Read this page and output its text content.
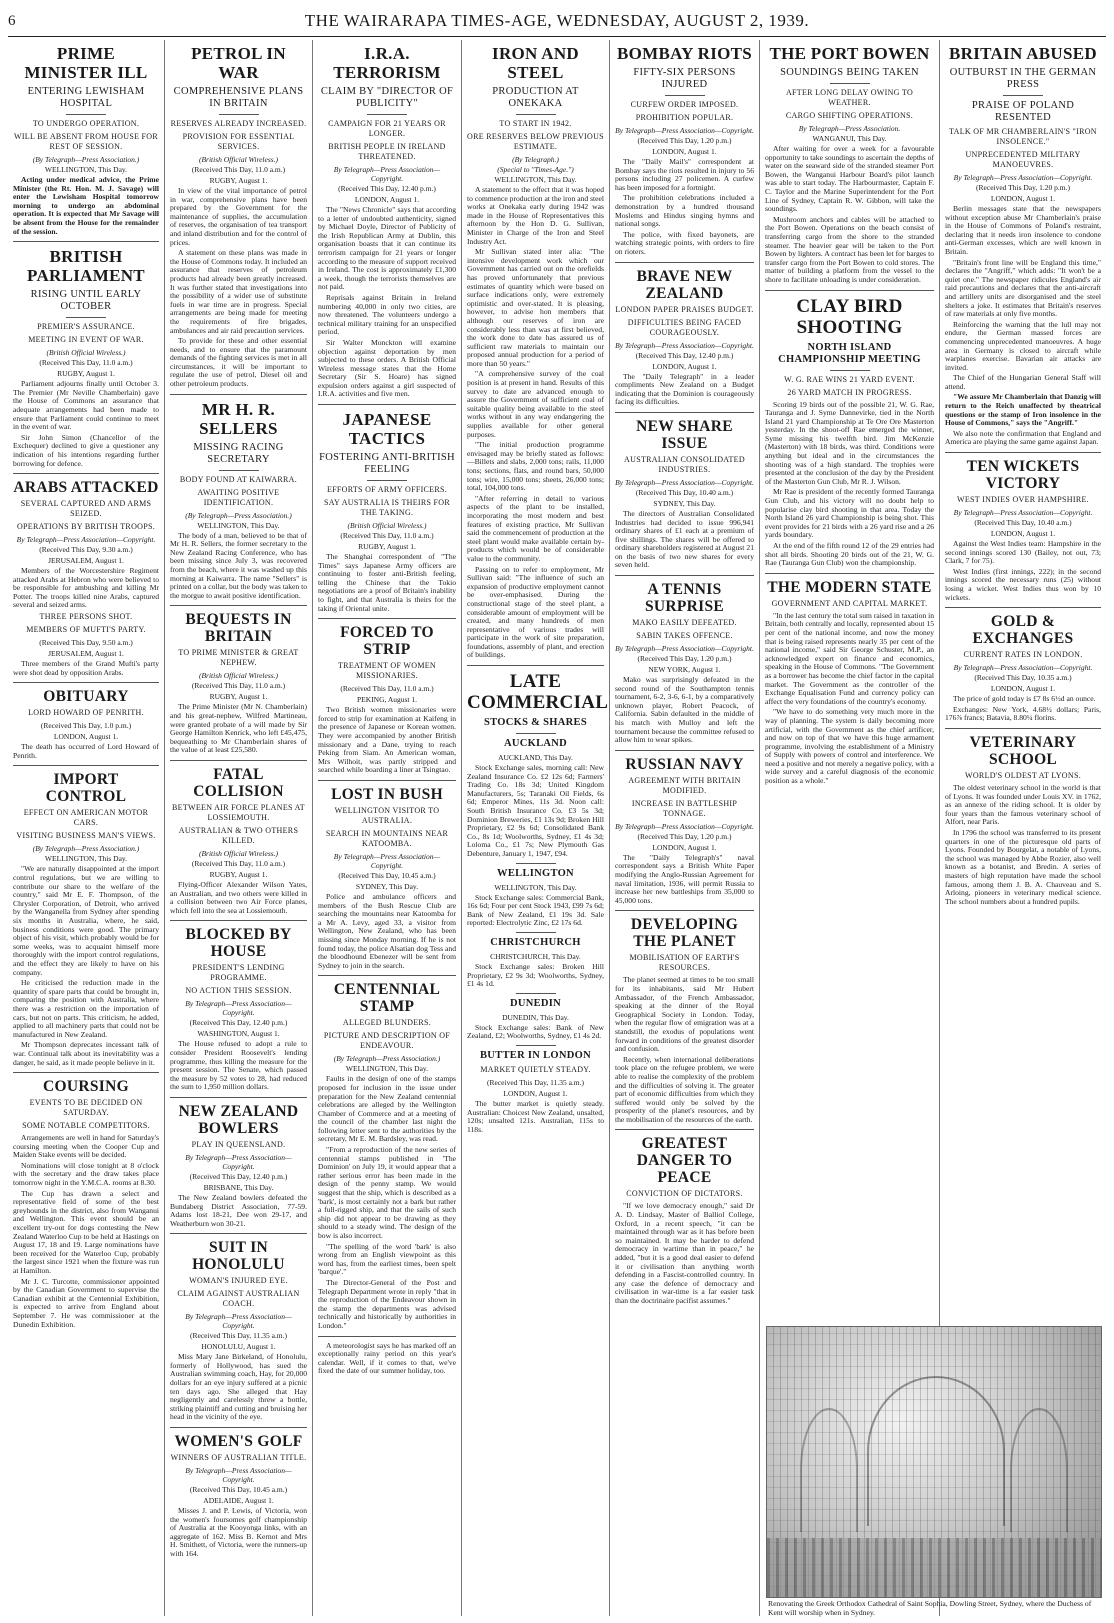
6	THE WAIRARAPA TIMES-AGE, WEDNESDAY, AUGUST 2, 1939.
PRIME MINISTER ILL
ENTERING LEWISHAM HOSPITAL
TO UNDERGO OPERATION.
WILL BE ABSENT FROM HOUSE FOR REST OF SESSION.
(By Telegraph—Press Association.)
WELLINGTON, This Day.

Acting under medical advice, the Prime Minister (the Rt. Hon. M. J. Savage) will enter the Lewisham Hospital tomorrow morning to undergo an abdominal operation. It is expected that Mr Savage will be absent from the House for the remainder of the session.

BRITISH PARLIAMENT
RISING UNTIL EARLY OCTOBER
PREMIER'S ASSURANCE.
MEETING IN EVENT OF WAR.
(British Official Wireless.)
(Received This Day, 11.0 a.m.)
RUGBY, August 1.

Parliament adjourns finally until October 3. The Premier (Mr Neville Chamberlain) gave the House of Commons an assurance that adequate arrangements had been made to ensure that Parliament could continue to meet in the event of war.

Sir John Simon (Chancellor of the Exchequer) declined to give a questioner any indication of his intentions regarding further borrowing for defence.

ARABS ATTACKED
SEVERAL CAPTURED AND ARMS SEIZED.
OPERATIONS BY BRITISH TROOPS.
By Telegraph—Press Association—Copyright.
(Received This Day, 9.30 a.m.)
JERUSALEM, August 1.

Members of the Worcestershire Regiment attacked Arabs at Hebron who were believed to be responsible for ambushing and killing Mr Potter. The troops killed nine Arabs, captured several and seized arms.

THREE PERSONS SHOT.
MEMBERS OF MUFTI'S PARTY.
(Received This Day, 9.50 a.m.)
JERUSALEM, August 1.

Three members of the Grand Mufti's party were shot dead by opposition Arabs.

OBITUARY
LORD HOWARD OF PENRITH.
(Received This Day, 1.0 p.m.)
LONDON, August 1.

The death has occurred of Lord Howard of Penrith.

IMPORT CONTROL
EFFECT ON AMERICAN MOTOR CARS.
VISITING BUSINESS MAN'S VIEWS.
(By Telegraph—Press Association.)
WELLINGTON, This Day.

"We are naturally disappointed at the import control regulations, but we are willing to contribute our share to the welfare of the country," said Mr E. F. Thompson, of the Chrysler Corporation, of Detroit, who arrived by the Wanganella from Sydney after spending six months in Australia, where, he said, business conditions were good. The primary object of his visit, which probably would be for some weeks, was to acquaint himself more thoroughly with the import control regulations, and the effect they are likely to have on his company.

He criticised the reduction made in the quantity of spare parts that could be brought in, comparing the position with Australia, where there was a restriction on the importation of cars, but not on parts. This criticism, he added, applied to all machinery parts that could not be manufactured in New Zealand.

Mr Thompson deprecates incessant talk of war. Continual talk about its inevitability was a danger, he said, as it made people believe in it.

COURSING
EVENTS TO BE DECIDED ON SATURDAY.
SOME NOTABLE COMPETITORS.

Arrangements are well in hand for Saturday's coursing meeting when the Cooper Cup and Maiden Stake events will be decided.

Nominations will close tonight at 8 o'clock with the secretary and the draw takes place tomorrow night in the Y.M.C.A. rooms at 8.30.

The Cup has drawn a select and representative field of some of the best greyhounds in the district, also from Wanganui and Wellington. This event should be an excellent try-out for dogs contesting the New Zealand Waterloo Cup to be held at Hastings on August 17, 18 and 19. Large nominations have been received for the Waterloo Cup, probably the largest since 1921 when the fixture was run at Hamilton.

Mr J. C. Turcotte, commissioner appointed by the Canadian Government to supervise the Canadian exhibit at the Centennial Exhibition, is expected to arrive from England about September 7. He was commissioner at the Dunedin Exhibition.

PETROL IN WAR
COMPREHENSIVE PLANS IN BRITAIN
RESERVES ALREADY INCREASED.
PROVISION FOR ESSENTIAL SERVICES.
(British Official Wireless.)
(Received This Day, 11.0 a.m.)
RUGBY, August 1.

In view of the vital importance of petrol in war, comprehensive plans have been prepared by the Government for the maintenance of supplies, the accumulation of reserves, the organisation of tea transport and inland distribution and for the control of prices.

A statement on these plans was made in the House of Commons today. It included an assurance that reserves of petroleum products had already been greatly increased. It was further stated that investigations into the possibility of a wider use of substitute fuels in war time are in progress. Special arrangements are being made for meeting the requirements of fire brigades, ambulances and air raid precaution services.

To provide for these and other essential needs, and to ensure that the paramount demands of the fighting services is met in all circumstances, it will be important to regulate the use of petrol, Diesel oil and other petroleum products.

MR H. R. SELLERS
MISSING RACING SECRETARY
BODY FOUND AT KAIWARRA.
AWAITING POSITIVE IDENTIFICATION.
(By Telegraph—Press Association.)
WELLINGTON, This Day.

The body of a man, believed to be that of Mr H. R. Sellers, the former secretary to the New Zealand Racing Conference, who has been missing since July 3, was recovered from the beach, where it was washed up this morning at Kaiwarra. The name "Sellers" is printed on a collar, but the body was taken to the morgue to await positive identification.

BEQUESTS IN BRITAIN
TO PRIME MINISTER & GREAT NEPHEW.
(British Official Wireless.)
(Received This Day, 11.0 a.m.)
RUGBY, August 1.

The Prime Minister (Mr N. Chamberlain) and his great-nephew, Wilfred Martineau, were granted probate of a will made by Sir George Hamilton Kenrick, who left £45,475, bequeathing to Mr Chamberlain shares of the value of at least £25,580.

FATAL COLLISION
BETWEEN AIR FORCE PLANES AT LOSSIEMOUTH.
AUSTRALIAN & TWO OTHERS KILLED.
(British Official Wireless.)
(Received This Day, 11.0 a.m.)
RUGBY, August 1.

Flying-Officer Alexander Wilson Yates, an Australian, and two others were killed in a collision between two Air Force planes, which fell into the sea at Lossiemouth.

BLOCKED BY HOUSE
PRESIDENT'S LENDING PROGRAMME.
NO ACTION THIS SESSION.
By Telegraph—Press Association—Copyright.
(Received This Day, 12.40 p.m.)
WASHINGTON, August 1.

The House refused to adopt a rule to consider President Roosevelt's lending programme, thus killing the measure for the present session. The Senate, which passed the measure by 52 votes to 28, had reduced the sum to 1,950 million dollars.

NEW ZEALAND BOWLERS
PLAY IN QUEENSLAND.
By Telegraph—Press Association—Copyright.
(Received This Day, 12.40 p.m.)
BRISBANE, This Day.

The New Zealand bowlers defeated the Bundaberg District Association, 77-59. Adams lost 18-21, Dee won 29-17, and Weatherburn won 30-21.

SUIT IN HONOLULU
WOMAN'S INJURED EYE.
CLAIM AGAINST AUSTRALIAN COACH.
By Telegraph—Press Association—Copyright.
(Received This Day, 11.35 a.m.)
HONOLULU, August 1.

Miss Mary Jane Birkeland, of Honolulu, formerly of Hollywood, has sued the Australian swimming coach, Hay, for 20,000 dollars for an eye injury suffered at a picnic ten days ago. She alleged that Hay negligently and carelessly threw a bottle, striking plaintiff and cutting and bruising her head in the vicinity of the eye.

WOMEN'S GOLF
WINNERS OF AUSTRALIAN TITLE.
By Telegraph—Press Association—Copyright.
(Received This Day, 10.45 a.m.)
ADELAIDE, August 1.

Misses J. and P. Lewis, of Victoria, won the women's foursomes golf championship of Australia at the Kooyonga links, with an aggregate of 162. Miss B. Kernot and Mrs H. Smithett, of Victoria, were the runners-up with 164.

I.R.A. TERRORISM
CLAIM BY "DIRECTOR OF PUBLICITY"
CAMPAIGN FOR 21 YEARS OR LONGER.
BRITISH PEOPLE IN IRELAND THREATENED.
By Telegraph—Press Association—Copyright.
(Received This Day, 12.40 p.m.)
LONDON, August 1.

The "News Chronicle" says that according to a letter of undoubted authenticity, signed by Michael Doyle, Director of Publicity of the Irish Republican Army at Dublin, this organisation boasts that it can continue its terrorism campaign for 21 years or longer according to the measure of support received in Ireland. The cost is approximately £1,300 a week, though the terrorists themselves are not paid.

Reprisals against Britain in Ireland numbering 40,000 in only two cities, are now threatened. The volunteers undergo a technical military training for an unspecified period.

Sir Walter Monckton will examine objection against deportation by men subjected to these orders. A British Official Wireless message states that the Home Secretary (Sir S. Hoare) has signed expulsion orders against a girl suspected of I.R.A. activities and five men.

JAPANESE TACTICS
FOSTERING ANTI-BRITISH FEELING
EFFORTS OF ARMY OFFICERS.
SAY AUSTRALIA IS THEIRS FOR THE TAKING.
(British Official Wireless.)
(Received This Day, 11.0 a.m.)
RUGBY, August 1.

The Shanghai correspondent of "The Times" says Japanese Army officers are continuing to foster anti-British feeling, telling the Chinese that the Tokio negotiations are a proof of Britain's inability to fight, and that Australia is theirs for the taking if Oriental unite.

FORCED TO STRIP
TREATMENT OF WOMEN MISSIONARIES.
(Received This Day, 11.0 a.m.)
PEKING, August 1.

Two British women missionaries were forced to strip for examination at Kaifeng in the presence of Japanese or Korean women. They were accompanied by another British missionary and a Dane, trying to reach Peking from Siam. An American woman, Mrs Wilhoit, was partly stripped and searched while boarding a liner at Tsingtao.

LOST IN BUSH
WELLINGTON VISITOR TO AUSTRALIA.
SEARCH IN MOUNTAINS NEAR KATOOMBA.
By Telegraph—Press Association—Copyright.
(Received This Day, 10.45 a.m.)
SYDNEY, This Day.

Police and ambulance officers and members of the Bush Rescue Club are searching the mountains near Katoomba for a Mr A. Levy, aged 33, a visitor from Wellington, New Zealand, who has been missing since Monday morning. If he is not found today, the police Alsatian dog Tess and the bloodhound Ebenezer will be sent from Sydney to join in the search.

CENTENNIAL STAMP
ALLEGED BLUNDERS.
PICTURE AND DESCRIPTION OF ENDEAVOUR.
(By Telegraph—Press Association.)
WELLINGTON, This Day.

Faults in the design of one of the stamps proposed for inclusion in the issue under preparation for the New Zealand centennial celebrations are alleged by the Wellington Chamber of Commerce and at a meeting of the council of the chamber last night the following letter sent to the authorities by the secretary, Mr E. M. Bardsley, was read.

"From a reproduction of the new series of centennial stamps published in 'The Dominion' on July 19, it would appear that a rather serious error has been made in the design of the penny stamp. We would suggest that the ship, which is described as a 'bark', is most certainly not a bark but rather a full-rigged ship, and that the sails of such ship did not appear to be drawing as they should to a steady wind. The design of the bow is also incorrect.

"The spelling of the word 'bark' is also wrong from an English viewpoint as this word has, from the earliest times, been spelt 'barque'."

The Director-General of the Post and Telegraph Department wrote in reply "that in the reproduction of the Endeavour shown in the stamp the departments was advised technically and historically by authorities in London."

A meteorologist says he has marked off an exceptionally rainy period on this year's calendar. Well, if it comes to that, we've fixed the date of our summer holiday, too.

IRON AND STEEL
PRODUCTION AT ONEKAKA
TO START IN 1942.
ORE RESERVES BELOW PREVIOUS ESTIMATE.
(By Telegraph.)
(Special to "Times-Age.")
WELLINGTON, This Day.

A statement to the effect that it was hoped to commence production at the iron and steel works at Onekaka early during 1942 was made in the House of Representatives this afternoon by the Hon D. G. Sullivan, Minister in Charge of the Iron and Steel Industry Act.

Mr Sullivan stated inter alia: "The intensive development work which our Government has carried out on the orefields has proved unfortunately that previous estimates of quantity which were based on surface indications only, were extremely optimistic and over-stated. It is pleasing, however, to advise hon members that although our reserves of iron are considerably less than was at first believed, the work done to date has assured us of sufficient raw materials to maintain our proposed annual production for a period of more than 50 years."

"A comprehensive survey of the coal position is at present in hand. Results of this survey to date are advanced enough to assure the Government of sufficient coal of suitable quality being available to the steel works without in any way endangering the supplies available for other general purposes.

"The initial production programme envisaged may be briefly stated as follows:—Billets and slabs, 2,000 tons; rails, 11,000 tons; sections, flats, and round bars, 50,000 tons; wire, 15,000 tons; sheets, 26,000 tons; total, 104,000 tons.

"After referring in detail to various aspects of the plant to be installed, incorporating the most modern and best features of existing practice, Mr Sullivan said the commencement of production at the steel plant would make available certain by-products which would be of considerable value to the community.

Passing on to refer to employment, Mr Sullivan said: "The influence of such an expansion of productive employment cannot be over-emphasised. During the constructional stage of the steel plant, a considerable amount of employment will be created, and many hundreds of men representative of various trades will participate in the work of site preparation, foundations, assembly of plant, and erection of buildings.

LATE COMMERCIAL
STOCKS & SHARES
AUCKLAND
AUCKLAND, This Day.

Stock Exchange sales, morning call: New Zealand Insurance Co. £2 12s 6d; Farmers' Trading Co. 18s 3d; United Kingdom Manufacturers, 5s; Taranaki Oil Fields, 6s 6d; Emperor Mines, 11s 3d. Noon call: South British Insurance Co. £3 5s 3d; Dominion Breweries, £1 13s 9d; Broken Hill Proprietary, £2 9s 6d; Consolidated Bank Co., 8s 1d; Woolworths, Sydney, £1 4s 3d; Loloma Co., £1 7s; New Plymouth Gas Debenture, January 1, 1947, £94.

WELLINGTON
WELLINGTON, This Day.

Stock Exchange sales: Commercial Bank, 16s 6d; Four per cent Stock 1943, £99 7s 6d; Bank of New Zealand, £1 19s 3d. Sale reported: Electrolytic Zinc, £2 17s 6d.

CHRISTCHURCH
CHRISTCHURCH, This Day.

Stock Exchange sales: Broken Hill Proprietary, £2 9s 3d; Woolworths, Sydney, £1 4s 1d.

DUNEDIN
DUNEDIN, This Day.

Stock Exchange sales: Bank of New Zealand, £2; Woolworths, Sydney, £1 4s 2d.

BUTTER IN LONDON
MARKET QUIETLY STEADY.
(Received This Day, 11.35 a.m.)
LONDON, August 1.

The butter market is quietly steady. Australian: Choicest New Zealand, unsalted, 120s; unsalted 121s. Australian, 115s to 118s.

BOMBAY RIOTS
FIFTY-SIX PERSONS INJURED
CURFEW ORDER IMPOSED.
PROHIBITION POPULAR.
By Telegraph—Press Association—Copyright.
(Received This Day, 1.20 p.m.)
LONDON, August 1.

The "Daily Mail's" correspondent at Bombay says the riots resulted in injury to 56 persons including 27 policemen. A curfew has been imposed for a fortnight.

The prohibition celebrations included a demonstration by a hundred thousand Moslems and Hindus singing hymns and national songs.

The police, with fixed bayonets, are watching strategic points, with orders to fire on rioters.

BRAVE NEW ZEALAND
LONDON PAPER PRAISES BUDGET.
DIFFICULTIES BEING FACED COURAGEOUSLY.
By Telegraph—Press Association—Copyright.
(Received This Day, 12.40 p.m.)
LONDON, August 1.

The "Daily Telegraph" in a leader compliments New Zealand on a Budget indicating that the Dominion is courageously facing its difficulties.

NEW SHARE ISSUE
AUSTRALIAN CONSOLIDATED INDUSTRIES.
By Telegraph—Press Association—Copyright.
(Received This Day, 10.40 a.m.)
SYDNEY, This Day.

The directors of Australian Consolidated Industries had decided to issue 996,941 ordinary shares of £1 each at a premium of five shillings. The shares will be offered to ordinary shareholders registered at August 21 on the basis of two new shares for every seven held.

A TENNIS SURPRISE
MAKO EASILY DEFEATED.
SABIN TAKES OFFENCE.
By Telegraph—Press Association—Copyright.
(Received This Day, 1.20 p.m.)
NEW YORK, August 1.

Mako was surprisingly defeated in the second round of the Southampton tennis tournament, 6-2, 3-6, 6-1, by a comparatively unknown player, Robert Peacock, of California. Sabin defaulted in the middle of his match with Mulloy and left the tournament because the committee refused to allow him to wear spikes.

RUSSIAN NAVY
AGREEMENT WITH BRITAIN MODIFIED.
INCREASE IN BATTLESHIP TONNAGE.
By Telegraph—Press Association—Copyright.
(Received This Day, 1.20 p.m.)
LONDON, August 1.

The "Daily Telegraph's" naval correspondent says a British White Paper modifying the Anglo-Russian Agreement for naval limitation, 1936, will permit Russia to increase her new battleships from 35,000 to 45,000 tons.

DEVELOPING THE PLANET
MOBILISATION OF EARTH'S RESOURCES.

The planet seemed at times to be too small for its inhabitants, said Mr Hubert Ambassador, of the French Ambassador, speaking at the dinner of the Royal Geographical Society in London. Today, when the regular flow of emigration was at a standstill, the exodus of populations went forward in conditions of the greatest disorder and confusion.

Recently, when international deliberations took place on the refugee problem, we were able to realise the complexity of the problem and the difficulties of solving it. The greater part of economic difficulties from which they suffered would only be solved by the prosperity of the planet's resources, and by the mobilisation of the resources of the earth.

GREATEST DANGER TO PEACE
CONVICTION OF DICTATORS.

"If we love democracy enough," said Dr A. D. Lindsay, Master of Balliol College, Oxford, in a recent speech, "it can be maintained through war as it has before been so maintained. It may be harder to defend democracy in wartime than in peace," he added, "but it is a good deal easier to defend it or civilisation than anything worth defending in a Fascist-controlled country. In any case the defence of democracy and civilisation in war-time is a far easier task than the doctrinaire pacifist assumes."

THE PORT BOWEN
SOUNDINGS BEING TAKEN
AFTER LONG DELAY OWING TO WEATHER.
CARGO SHIFTING OPERATIONS.
By Telegraph—Press Association.
WANGANUI, This Day.

After waiting for over a week for a favourable opportunity to take soundings to ascertain the depths of water on the seaward side of the stranded steamer Port Bowen, the Wanganui Harbour Board's pilot launch was able to start today. The Harbourmaster, Captain F. C. Taylor and the Marine Superintendent for the Port Line of Sydney, Captain R. W. Gibbon, will take the soundings.

Mushroom anchors and cables will be attached to the Port Bowen. Operations on the beach consist of transferring cargo from the shore to the stranded steamer. The heavier gear will be taken to the Port Bowen by lighters. A contract has been let for barges to transfer cargo from the Port Bowen to cold stores. The matter of building a platform from the vessel to the shore to facilitate unloading is under consideration.

CLAY BIRD SHOOTING
NORTH ISLAND CHAMPIONSHIP MEETING
W. G. RAE WINS 21 YARD EVENT.
26 YARD MATCH IN PROGRESS.

Scoring 19 birds out of the possible 21, W. G. Rae, Tauranga and J. Syme Dannevirke, tied in the North Island 21 yard Championship at Te Ore Ore Masterton yesterday. In the shoot-off Rae emerged the winner, Syme missing his twelfth bird. Jim McKenzie (Masterton) with 18 birds, was third. Conditions were anything but ideal and in the circumstances the shooting was of a high standard. The trophies were presented at the conclusion of the day by the President of the Masterton Gun Club, Mr R. J. Wilson.

Mr Rae is president of the recently formed Tauranga Gun Club, and his victory will no doubt help to popularise clay bird shooting in that area. Today the North Island 26 yard Championship is being shot. This event provides for 21 birds with a 26 yard rise and a 26 yards boundary.

At the end of the fifth round 12 of the 29 entries had shot all birds. Shooting 20 birds out of the 21, W. G. Rae (Tauranga Gun Club) won the championship.

THE MODERN STATE
GOVERNMENT AND CAPITAL MARKET.

"In the last century the total sum raised in taxation in Britain, both centrally and locally, represented about 15 per cent of the national income, and now the money that is being raised represents nearly 35 per cent of the national income," said Sir George Schuster, M.P., an acknowledged expert on finance and economics, speaking in the House of Commons. "The Government as a borrower has become the chief factor in the capital market. The Government as the controller of the Exchange Equalisation Fund and currency policy can affect the very foundations of the country's economy.

"We have to do something very much more in the way of planning. The system is daily becoming more artificial, with the Government as the chief artificer, and now on top of that we have this huge armament programme, involving the establishment of a Ministry of Supply with powers of control and interference. We need a positive and not merely a negative policy, with a wide survey and a careful diagnosis of the economic position as a whole."

BRITAIN ABUSED
OUTBURST IN THE GERMAN PRESS
PRAISE OF POLAND RESENTED
TALK OF MR CHAMBERLAIN'S "IRON INSOLENCE."
UNPRECEDENTED MILITARY MANOEUVRES.
By Telegraph—Press Association—Copyright.
(Received This Day, 1.20 p.m.)
LONDON, August 1.

Berlin messages state that the newspapers without exception abuse Mr Chamberlain's praise in the House of Commons of Poland's restraint, declaring that it needs iron insolence to condone anti-German excesses, which are well known in Britain.

"Britain's front line will be England this time," declares the "Angriff," which adds: "It won't be a quiet one." The newspaper ridicules England's air raid precautions and declares that the anti-aircraft and artillery units are disorganised and the steel shelters a joke. It estimates that Britain's reserves of raw materials at only five months.

Reinforcing the warning that the lull may not endure, the German massed forces are commencing unprecedented manoeuvres. A huge area in Germany is closed to aircraft while warplanes exercise. Bavarian air attacks are invited.

The Chief of the Hungarian General Staff will attend.

"We assure Mr Chamberlain that Danzig will return to the Reich unaffected by theatrical questions or the stamp of Iron insolence in the House of Commons," says the "Angriff."

We also note the confirmation that England and America are playing the same game against Japan.

TEN WICKETS VICTORY
WEST INDIES OVER HAMPSHIRE.
By Telegraph—Press Association—Copyright.
(Received This Day, 10.40 a.m.)
LONDON, August 1.

Against the West Indies team: Hampshire in the second innings scored 130 (Bailey, not out, 73; Clark, 7 for 75).

West Indies (first innings, 222); in the second innings scored the necessary runs (25) without losing a wicket. West Indies thus won by 10 wickets.

GOLD & EXCHANGES
CURRENT RATES IN LONDON.
By Telegraph—Press Association—Copyright.
(Received This Day, 10.35 a.m.)
LONDON, August 1.

The price of gold today is £7 8s 6½d an ounce.

Exchanges: New York, 4.68½ dollars; Paris, 176⅞ francs; Batavia, 8.80¼ florins.

VETERINARY SCHOOL
WORLD'S OLDEST AT LYONS.

The oldest veterinary school in the world is that of Lyons. It was founded under Louis XV. in 1762, as an annexe of the riding school. It is older by four years than the famous veterinary school of Alfort, near Paris.

In 1796 the school was transferred to its present quarters in one of the picturesque old parts of Lyons. Founded by Bourgelat, a notable of Lyons, the school was managed by Abbe Rozier, also well known as a botanist, and Bredin. A series of masters of high reputation have made the school famous, among them J. B. A. Chauveau and S. Arloing, pioneers in veterinary medical science. The school numbers about a hundred pupils.

Renovating the Greek Orthodox Cathedral of Saint Sophia, Dowling Street, Sydney, where the Duchess of Kent will worship when in Sydney.
